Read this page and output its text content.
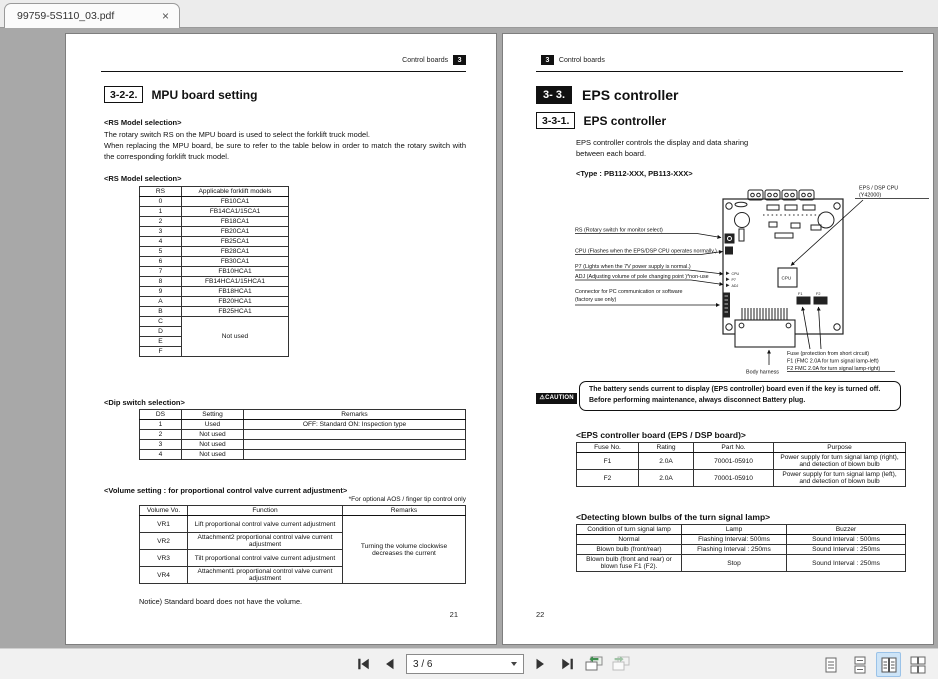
99759-5S110_03.pdf	×
Control boards	3
3-2-2.	MPU board setting
<RS Model selection>
The rotary switch RS on the MPU board is used to select the forklift truck model.
When replacing the MPU board, be sure to refer to the table below in order to match the rotary switch with the corresponding forklift truck model.
<RS Model selection>
RS	Applicable forklift models
0	FB10CA1
1	FB14CA1/15CA1
2	FB18CA1
3	FB20CA1
4	FB25CA1
5	FB28CA1
6	FB30CA1
7	FB10HCA1
8	FB14HCA1/15HCA1
9	FB18HCA1
A	FB20HCA1
B	FB25HCA1
C	Not used
D	
E	
F	
<Dip switch selection>
DS	Setting	Remarks
1	Used	OFF: Standard ON: Inspection type
2	Not used	
3	Not used	
4	Not used	
<Volume setting : for proportional control valve current adjustment>
*For optional AOS / finger tip control only
Volume Vo.	Function	Remarks
VR1	Lift proportional control valve current adjustment	Turning the volume clockwise decreases the current
VR2	Attachment2 proportional control valve current adjustment	
VR3	Tilt proportional control valve current adjustment	
VR4	Attachment1 proportional control valve current adjustment	
Notice) Standard board does not have the volume.
21
3	Control boards
3- 3.	EPS controller
3-3-1.	EPS controller
EPS controller controls the display and data sharing
between each board.
<Type : PB112-XXX, PB113-XXX>
EPS / DSP CPU
(Y42000)
RS (Rotary switch for monitor select)
CPU (Flashes when the EPS/DSP CPU operates normally.)
P7 (Lights when the 7V power supply is normal.)
ADJ (Adjusting volume of pole changing point )*non-use
Connector for PC communication or software
(factory use only)
Body harness
Fuse (protection from short circuit)
F1 (FMC 2.0A for turn signal lamp-left)
F2 FMC 2.0A for turn signal lamp-right)
CPU
CPU
P7
ADJ
F1	F2
⚠CAUTION
The battery sends current to display (EPS controller) board even if the key is turned off.
Before performing maintenance, always disconnect Battery plug.
<EPS controller board (EPS / DSP board)>
Fuse No.	Rating	Part No.	Purpose
F1	2.0A	70001-05910	Power supply for turn signal lamp (right), and detection of blown bulb
F2	2.0A	70001-05910	Power supply for turn signal lamp (left), and detection of blown bulb
<Detecting blown bulbs of the turn signal lamp>
Condition of turn signal lamp	Lamp	Buzzer
Normal	Flashing Interval: 500ms	Sound Interval : 500ms
Blown bulb (front/rear)	Flashing Interval : 250ms	Sound Interval : 250ms
Blown bulb (front and rear) or blown fuse F1 (F2).	Stop	Sound Interval : 250ms
22
3 / 6
